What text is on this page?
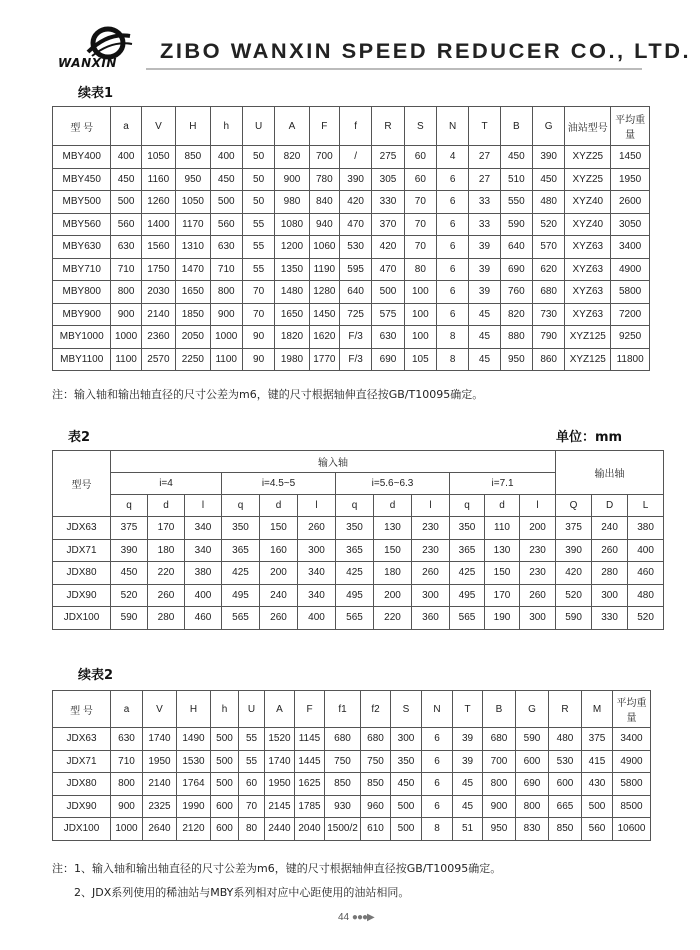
WANXIN ZIBO WANXIN SPEED REDUCER CO., LTD.
续表1
型 号	a	V	H	h	U	A	F	f	R	S	N	T	B	G	油站型号	平均重量
MBY400	400	1050	850	400	50	820	700	/	275	60	4	27	450	390	XYZ25	1450
MBY450	450	1160	950	450	50	900	780	390	305	60	6	27	510	450	XYZ25	1950
MBY500	500	1260	1050	500	50	980	840	420	330	70	6	33	550	480	XYZ40	2600
MBY560	560	1400	1170	560	55	1080	940	470	370	70	6	33	590	520	XYZ40	3050
MBY630	630	1560	1310	630	55	1200	1060	530	420	70	6	39	640	570	XYZ63	3400
MBY710	710	1750	1470	710	55	1350	1190	595	470	80	6	39	690	620	XYZ63	4900
MBY800	800	2030	1650	800	70	1480	1280	640	500	100	6	39	760	680	XYZ63	5800
MBY900	900	2140	1850	900	70	1650	1450	725	575	100	6	45	820	730	XYZ63	7200
MBY1000	1000	2360	2050	1000	90	1820	1620	F/3	630	100	8	45	880	790	XYZ125	9250
MBY1100	1100	2570	2250	1100	90	1980	1770	F/3	690	105	8	45	950	860	XYZ125	11800
注：输入轴和输出轴直径的尺寸公差为m6，键的尺寸根据轴伸直径按GB/T10095确定。
表2	单位：mm
型号	输入轴												输出轴		
	i=4			i=4.5~5			i=5.6~6.3			i=7.1					
	q	d	l	q	d	l	q	d	l	q	d	l	Q	D	L
JDX63	375	170	340	350	150	260	350	130	230	350	110	200	375	240	380
JDX71	390	180	340	365	160	300	365	150	230	365	130	230	390	260	400
JDX80	450	220	380	425	200	340	425	180	260	425	150	230	420	280	460
JDX90	520	260	400	495	240	340	495	200	300	495	170	260	520	300	480
JDX100	590	280	460	565	260	400	565	220	360	565	190	300	590	330	520
续表2
型 号	a	V	H	h	U	A	F	f1	f2	S	N	T	B	G	R	M	平均重量
JDX63	630	1740	1490	500	55	1520	1145	680	680	300	6	39	680	590	480	375	3400
JDX71	710	1950	1530	500	55	1740	1445	750	750	350	6	39	700	600	530	415	4900
JDX80	800	2140	1764	500	60	1950	1625	850	850	450	6	45	800	690	600	430	5800
JDX90	900	2325	1990	600	70	2145	1785	930	960	500	6	45	900	800	665	500	8500
JDX100	1000	2640	2120	600	80	2440	2040	1500/2	610	500	8	51	950	830	850	560	10600
注：1、输入轴和输出轴直径的尺寸公差为m6，键的尺寸根据轴伸直径按GB/T10095确定。
2、JDX系列使用的稀油站与MBY系列相对应中心距使用的油站相同。
44 ●●●▶
